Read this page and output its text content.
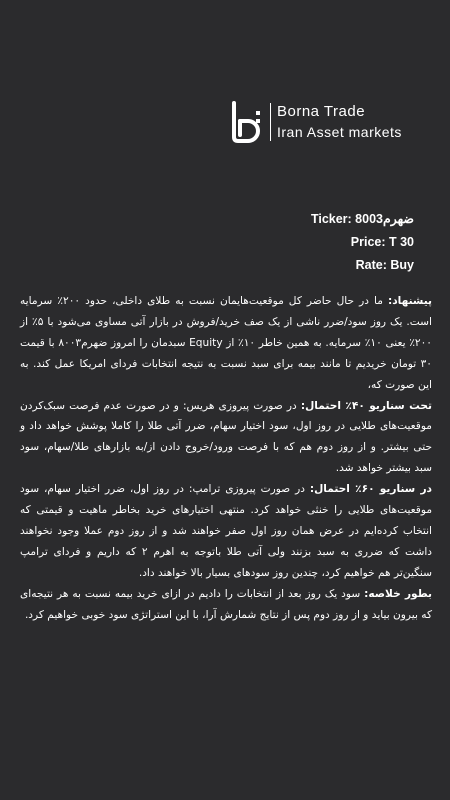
Borna Trade
Iran Asset markets
Ticker: 8003ضهرم
Price: T 30
Rate: Buy

پیشنهاد: ما در حال حاضر کل موقعیت‌هایمان نسبت به طلای داخلی، حدود ۲۰۰٪ سرمایه است. یک روز سود/ضرر ناشی از یک صف خرید/فروش در بازار آتی مساوی می‌شود با ۵٪ از ۲۰۰٪ یعنی ۱۰٪ سرمایه. به همین خاطر ۱۰٪ از Equity سبدمان را امروز ضهرم۸۰۰۳ با قیمت ۳۰ تومان خریدیم تا مانند بیمه برای سبد نسبت به نتیجه انتخابات فردای امریکا عمل کند. به این صورت که،

تحت سناریو ۴۰٪ احتمال: در صورت پیروزی هریس: و در صورت عدم فرصت سبک‌کردن موقعیت‌های طلایی در روز اول، سود اختیار سهام، ضرر آتی طلا را کاملا پوشش خواهد داد و حتی بیشتر. و از روز دوم هم که با فرصت ورود/خروج دادن از/به بازارهای طلا/سهام، سود سبد بیشتر خواهد شد.

در سناریو ۶۰٪ احتمال: در صورت پیروزی ترامپ: در روز اول، ضرر اختیار سهام، سود موقعیت‌های طلایی را خنثی خواهد کرد. منتهی اختیارهای خرید بخاطر ماهیت و قیمتی که انتخاب کرده‌ایم در عرض همان روز اول صفر خواهند شد و از روز دوم عملا وجود نخواهند داشت که ضرری به سبد بزنند ولی آتی طلا باتوجه به اهرم ۲ که داریم و فردای ترامپ سنگین‌تر هم خواهیم کرد، چندین روز سودهای بسیار بالا خواهند داد.

بطور خلاصه: سود یک روز بعد از انتخابات را دادیم در ازای خرید بیمه نسبت به هر نتیجه‌ای که بیرون بیاید و از روز دوم پس از نتایج شمارش آرا، با این استراتژی سود خوبی خواهیم کرد.
